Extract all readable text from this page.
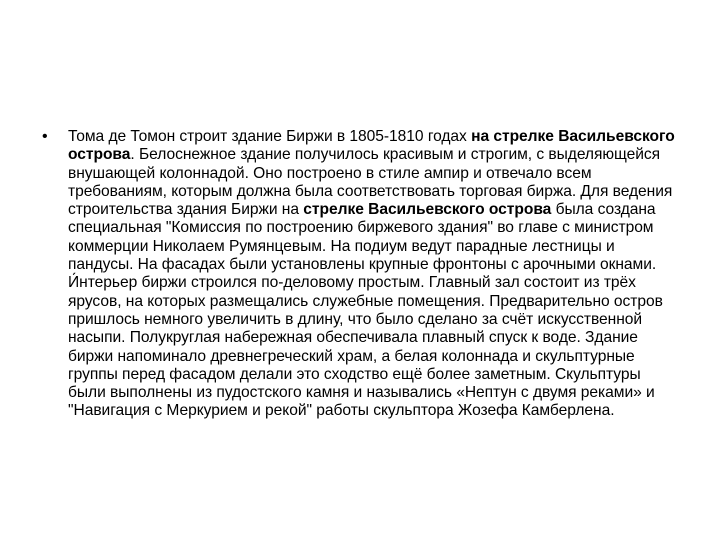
•	Тома де Томон строит здание Биржи в 1805-1810 годах на стрелке Васильевского острова. Белоснежное здание получилось красивым и строгим, с выделяющейся внушающей колоннадой. Оно построено в стиле ампир и отвечало всем требованиям, которым должна была соответствовать торговая биржа. Для ведения строительства здания Биржи на стрелке Васильевского острова была создана специальная "Комиссия по построению биржевого здания" во главе с министром коммерции Николаем Румянцевым. На подиум ведут парадные лестницы и пандусы. На фасадах были установлены крупные фронтоны с арочными окнами. И́нтерьер биржи строился по-деловому простым. Главный зал состоит из трёх ярусов, на которых размещались служебные помещения. Предварительно остров пришлось немного увеличить в длину, что было сделано за счёт искусственной насыпи. Полукруглая набережная обеспечивала плавный спуск к воде. Здание биржи напоминало древнегреческий храм, а белая колоннада и скульптурные группы перед фасадом делали это сходство ещё более заметным. Скульптуры были выполнены из пудостского камня и назывались «Нептун с двумя реками» и "Навигация с Меркурием и рекой" работы скульптора Жозефа Камберлена.
